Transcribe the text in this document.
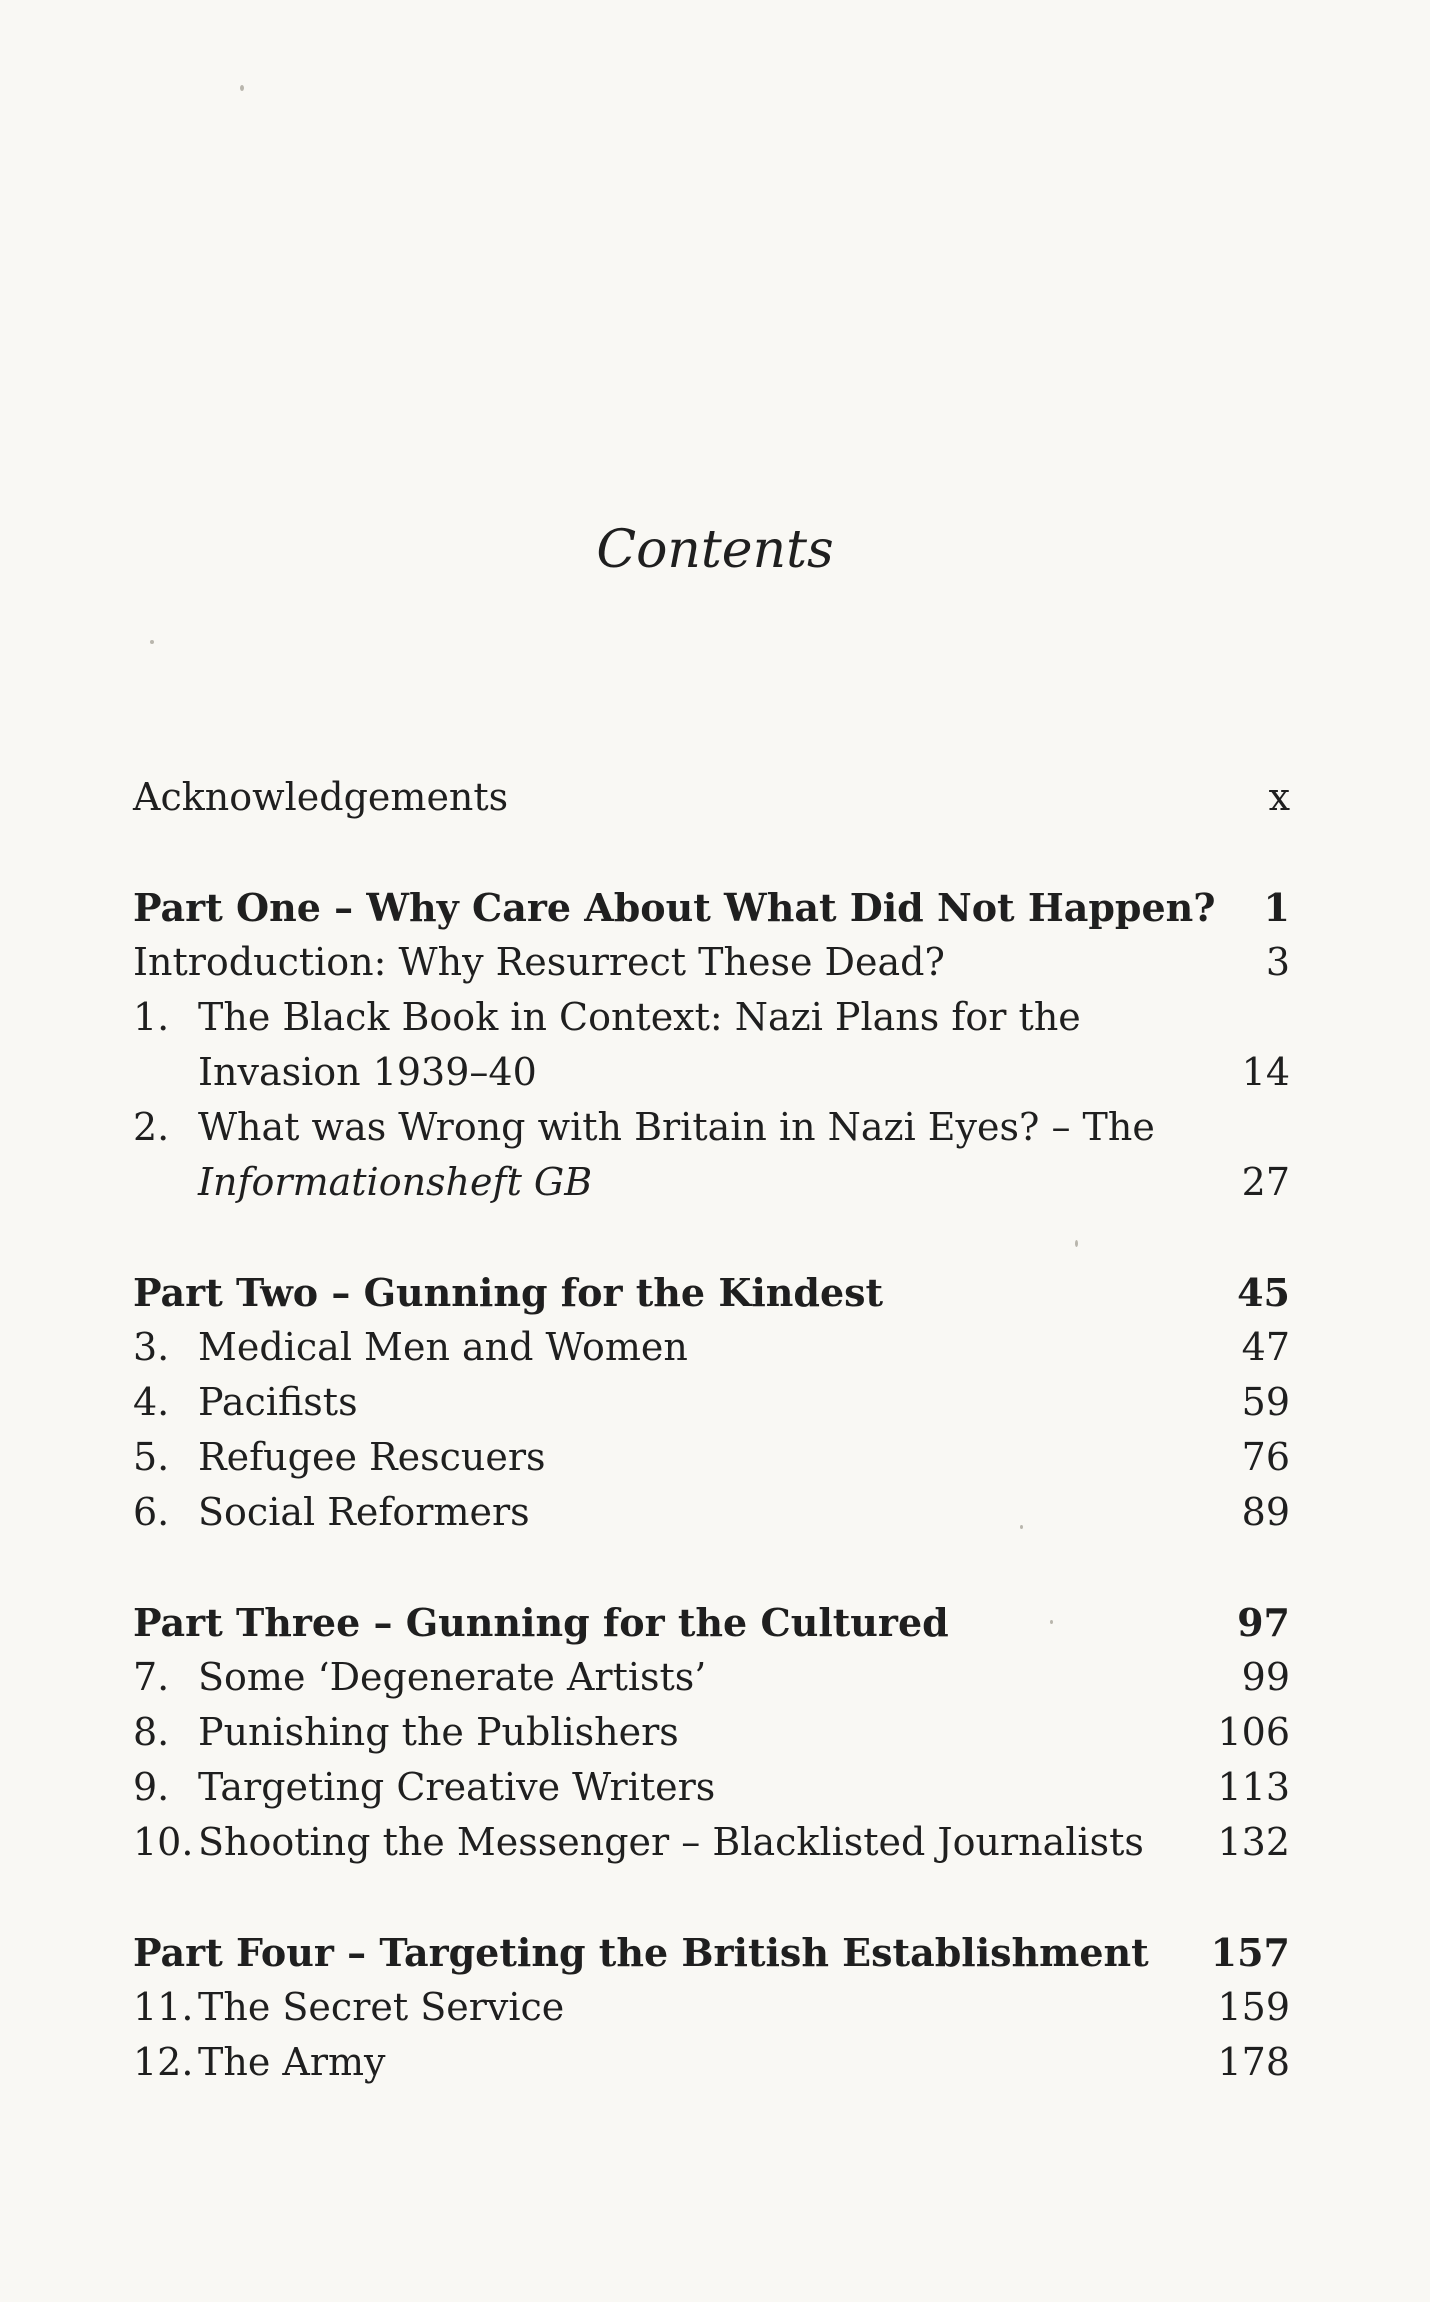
Contents
Acknowledgements	x
Part One – Why Care About What Did Not Happen? 1
Introduction: Why Resurrect These Dead?	3
1. The Black Book in Context: Nazi Plans for the
Invasion 1939–40	14
2. What was Wrong with Britain in Nazi Eyes? – The
Informationsheft GB	27
Part Two – Gunning for the Kindest	45
3. Medical Men and Women	47
4. Pacifists	59
5. Refugee Rescuers	76
6. Social Reformers	89
Part Three – Gunning for the Cultured	97
7. Some ‘Degenerate Artists’	99
8. Punishing the Publishers	106
9. Targeting Creative Writers	113
10. Shooting the Messenger – Blacklisted Journalists 132
Part Four – Targeting the British Establishment 157
11. The Secret Service	159
12. The Army	178
